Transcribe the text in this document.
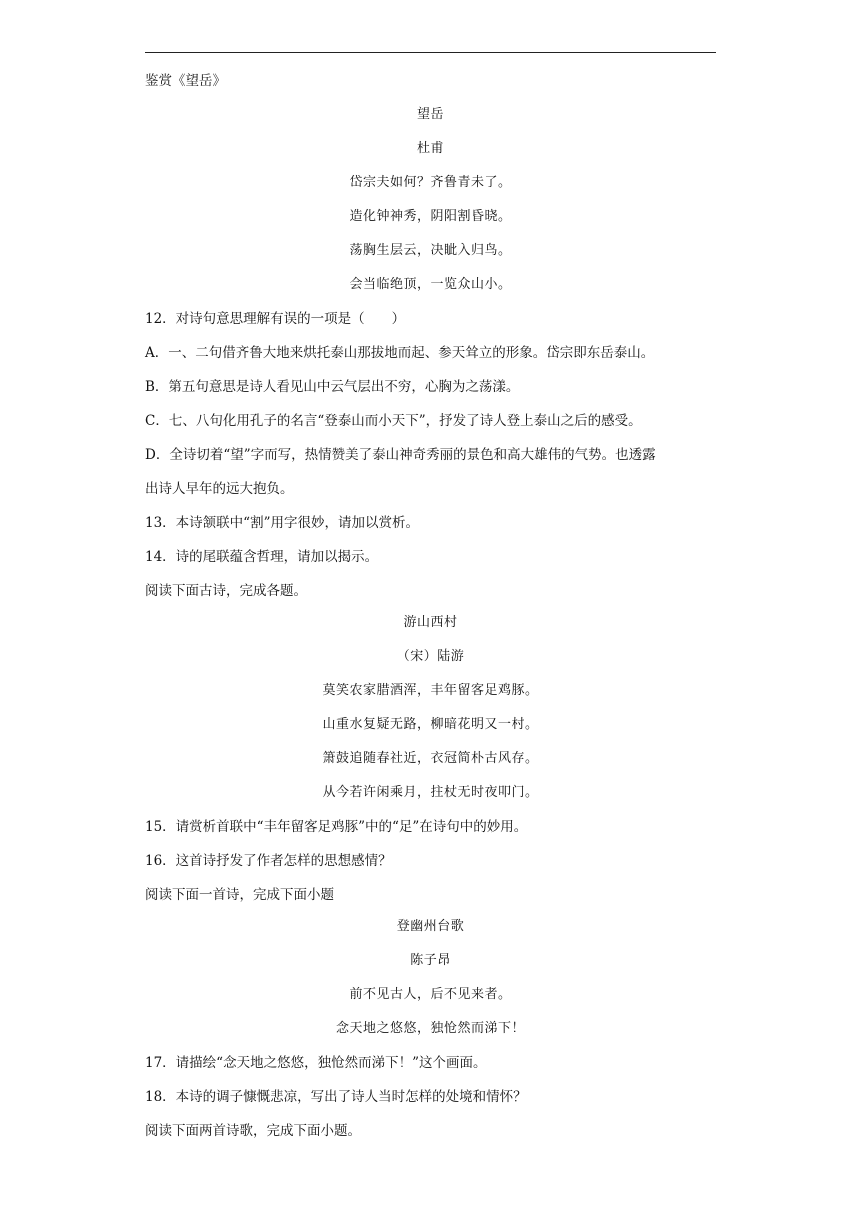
鉴赏《望岳》
望岳
杜甫
岱宗夫如何？齐鲁青未了。
造化钟神秀，阴阳割昏晓。
荡胸生层云，决眦入归鸟。
会当临绝顶，一览众山小。
12．对诗句意思理解有误的一项是（　　）
A．一、二句借齐鲁大地来烘托泰山那拔地而起、参天耸立的形象。岱宗即东岳泰山。
B．第五句意思是诗人看见山中云气层出不穷，心胸为之荡漾。
C．七、八句化用孔子的名言“登泰山而小天下”，抒发了诗人登上泰山之后的感受。
D．全诗切着“望”字而写，热情赞美了泰山神奇秀丽的景色和高大雄伟的气势。也透露
出诗人早年的远大抱负。
13．本诗颔联中“割”用字很妙，请加以赏析。
14．诗的尾联蕴含哲理，请加以揭示。
阅读下面古诗，完成各题。
游山西村
（宋）陆游
莫笑农家腊酒浑，丰年留客足鸡豚。
山重水复疑无路，柳暗花明又一村。
箫鼓追随春社近，衣冠简朴古风存。
从今若许闲乘月，拄杖无时夜叩门。
15．请赏析首联中“丰年留客足鸡豚”中的“足”在诗句中的妙用。
16．这首诗抒发了作者怎样的思想感情？
阅读下面一首诗，完成下面小题
登幽州台歌
陈子昂
前不见古人，后不见来者。
念天地之悠悠，独怆然而涕下！
17．请描绘“念天地之悠悠，独怆然而涕下！”这个画面。
18．本诗的调子慷慨悲凉，写出了诗人当时怎样的处境和情怀？
阅读下面两首诗歌，完成下面小题。
